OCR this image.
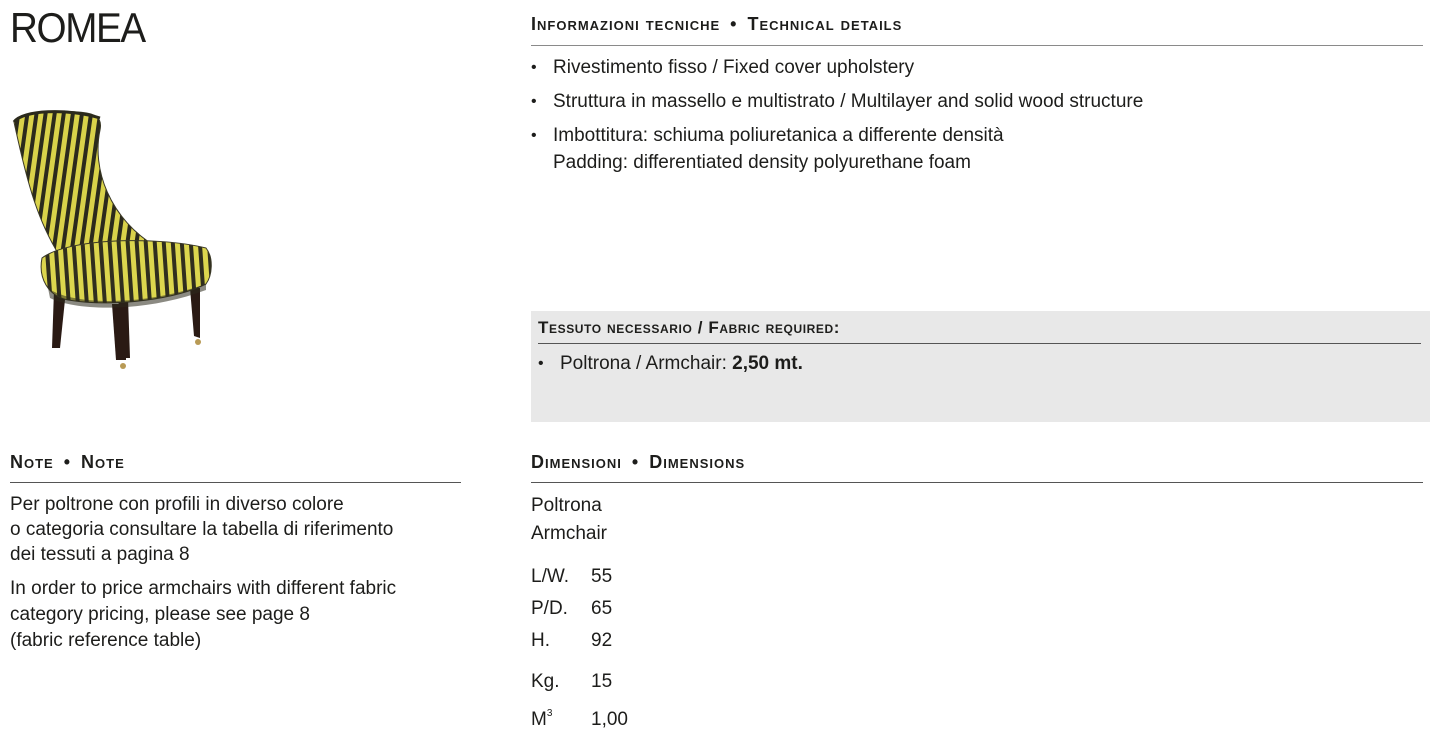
ROMEA	Informazioni tecniche • Technical details
• Rivestimento fisso / Fixed cover upholstery
• Struttura in massello e multistrato / Multilayer and solid wood structure
• Imbottitura: schiuma poliuretanica a differente densità
Padding: differentiated density polyurethane foam
Tessuto necessario / Fabric required:
• Poltrona / Armchair: 2,50 mt.
Note • Note
Per poltrone con profili in diverso colore
o categoria consultare la tabella di riferimento
dei tessuti a pagina 8
In order to price armchairs with different fabric
category pricing, please see page 8
(fabric reference table)
Dimensioni • Dimensions
Poltrona
Armchair
L/W. 55
P/D. 65
H. 92
Kg. 15
$M^3$ 1,00
